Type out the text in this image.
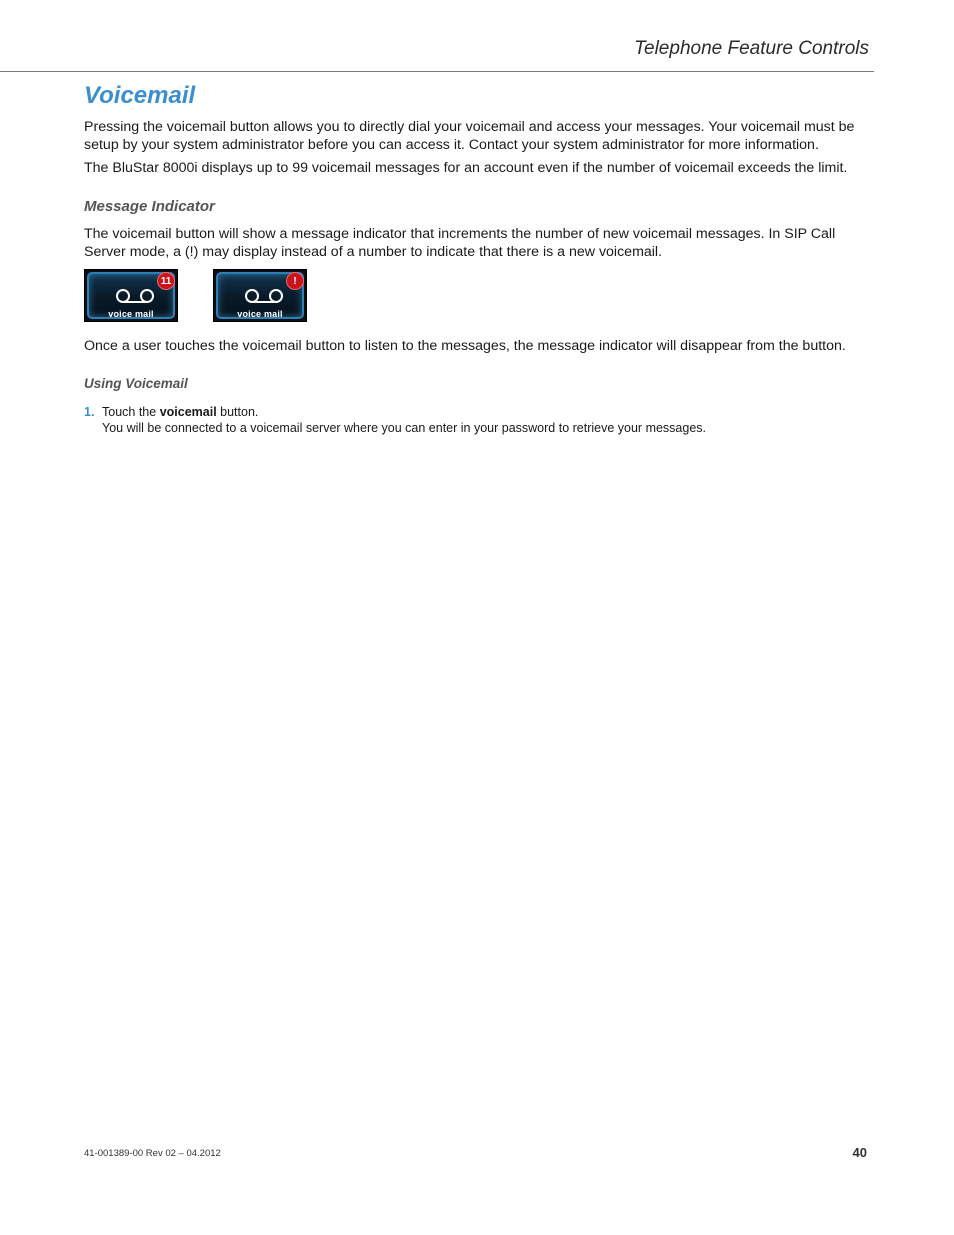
Telephone Feature Controls
Voicemail

Pressing the voicemail button allows you to directly dial your voicemail and access your messages. Your voicemail must be setup by your system administrator before you can access it. Contact your system administrator for more information.

The BluStar 8000i displays up to 99 voicemail messages for an account even if the number of voicemail exceeds the limit.

Message Indicator

The voicemail button will show a message indicator that increments the number of new voicemail messages. In SIP Call Server mode, a (!) may display instead of a number to indicate that there is a new voicemail.

voice mail
11
voice mail
!

Once a user touches the voicemail button to listen to the messages, the message indicator will disappear from the button.

Using Voicemail
1. Touch the voicemail button.
You will be connected to a voicemail server where you can enter in your password to retrieve your messages.
41-001389-00 Rev 02 – 04.2012	40
